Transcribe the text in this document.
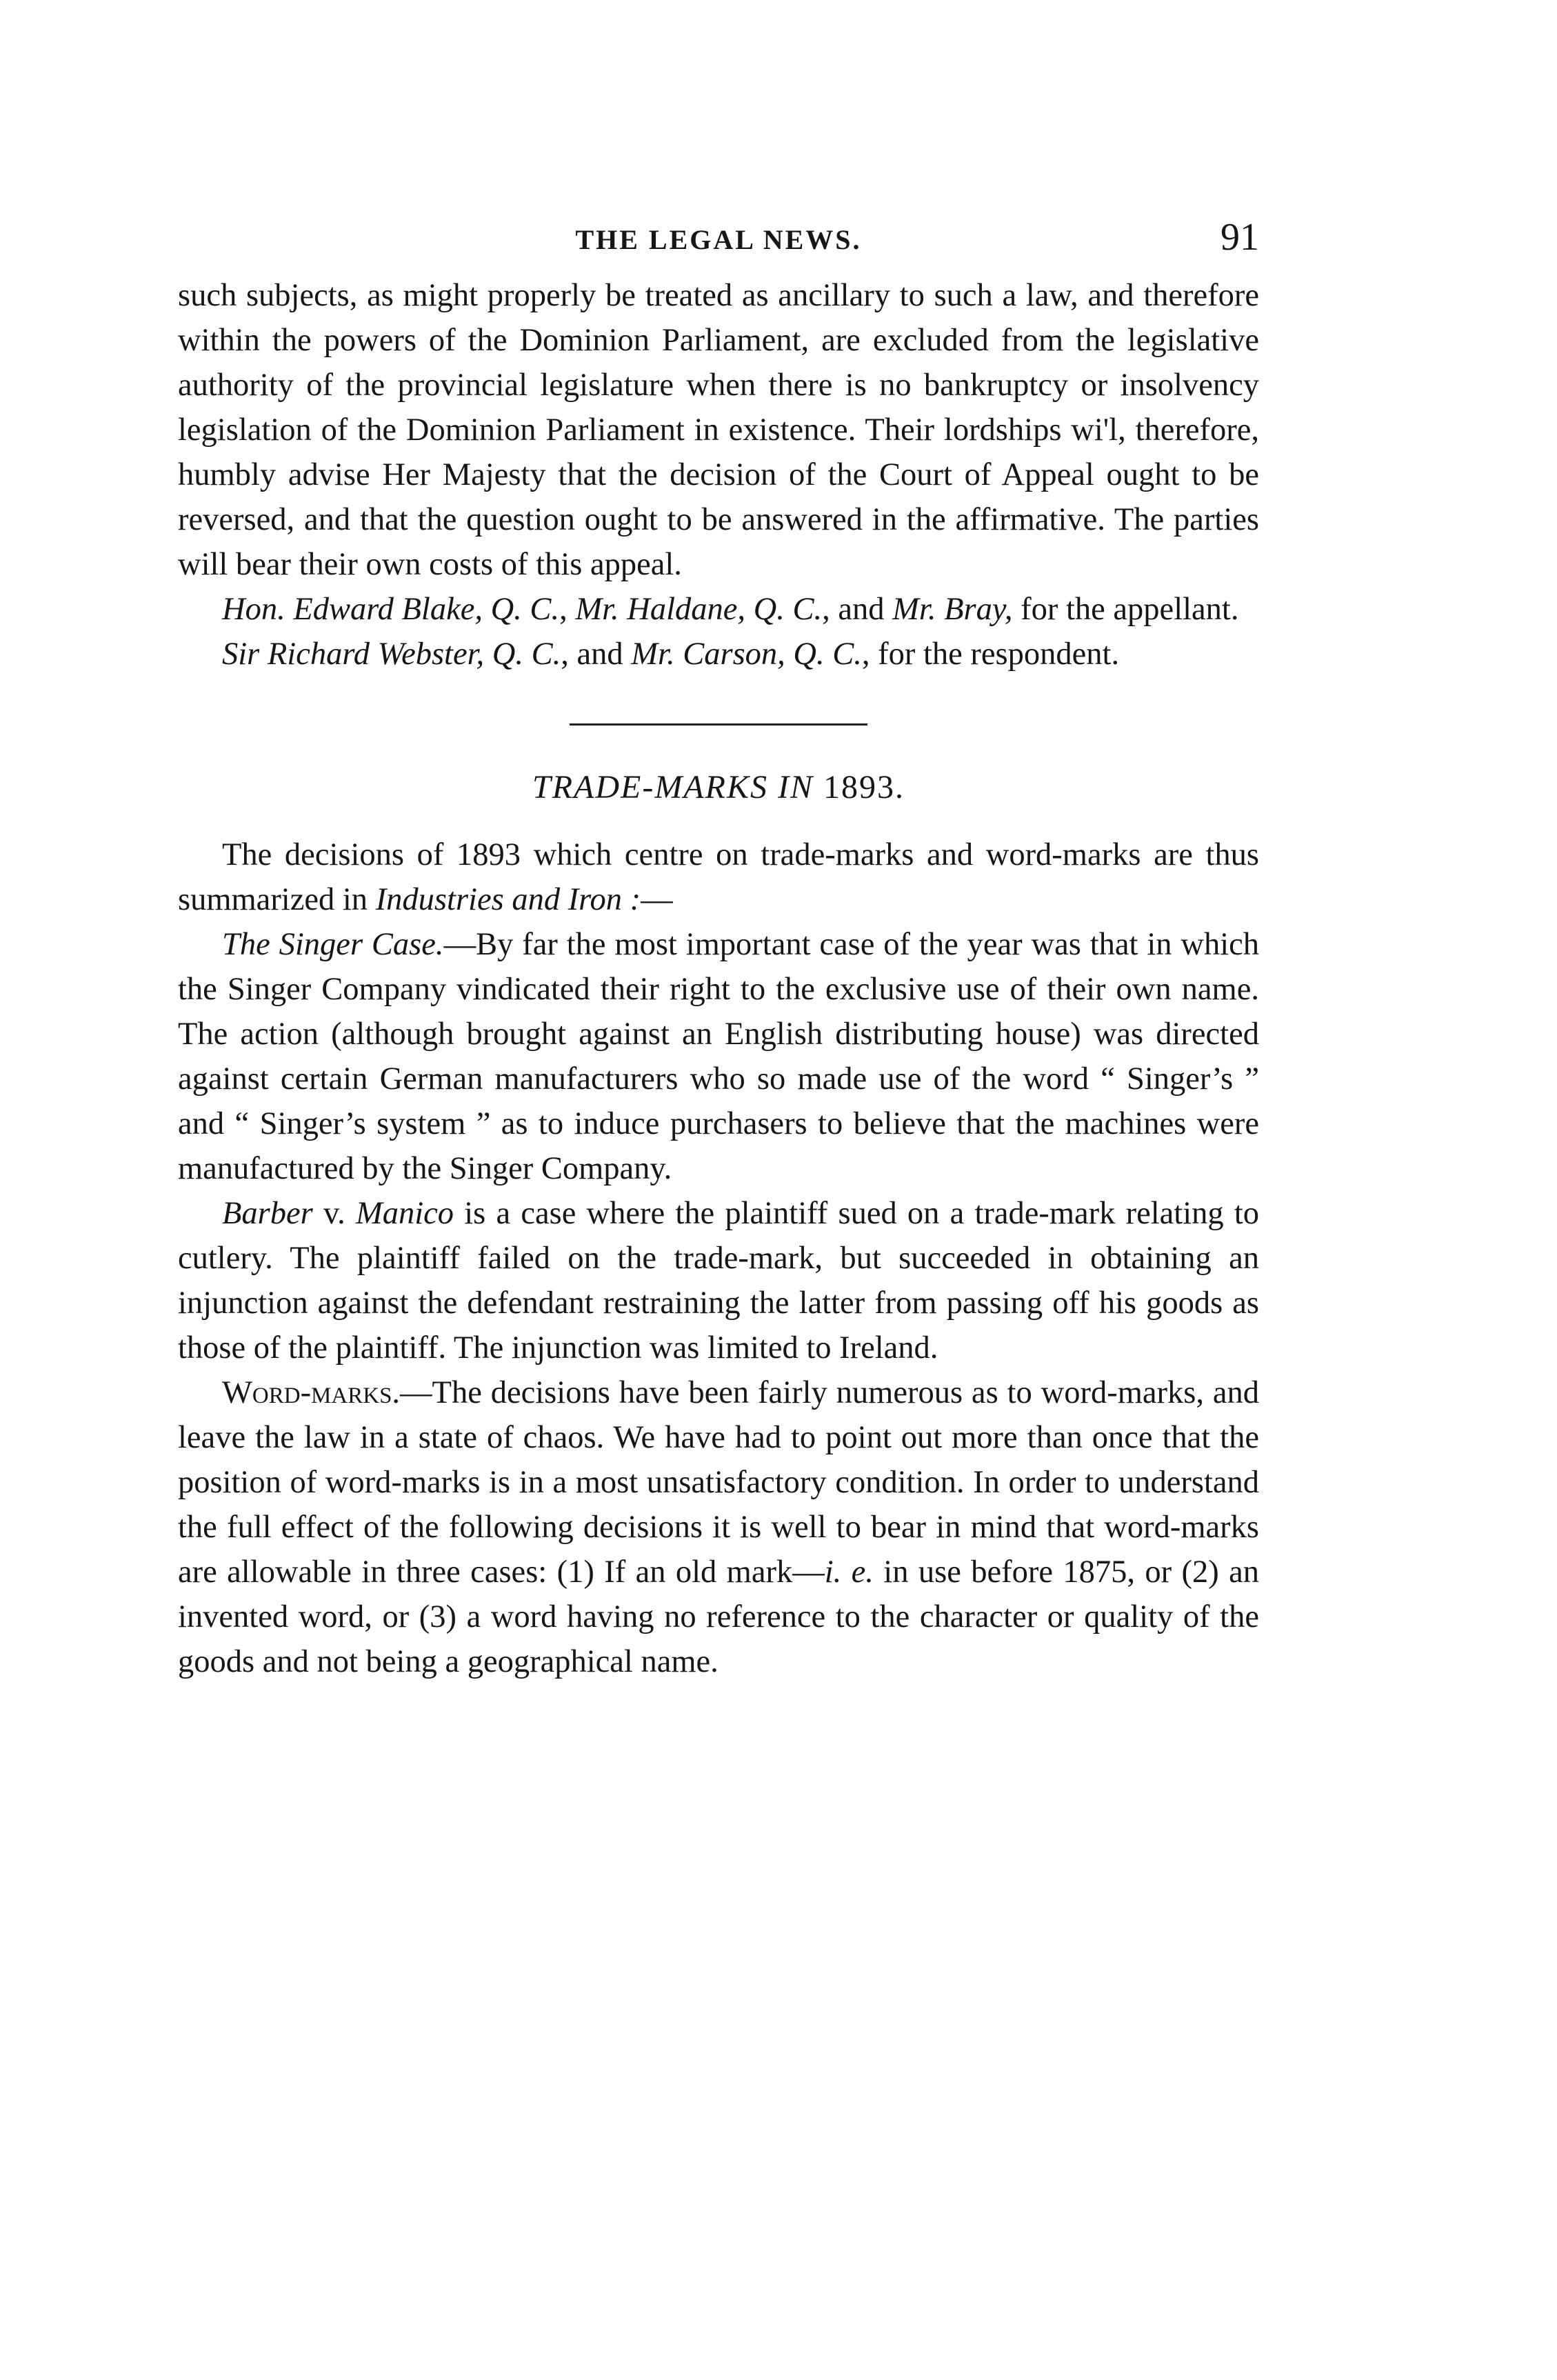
THE LEGAL NEWS.	91

such subjects, as might properly be treated as ancillary to such a law, and therefore within the powers of the Dominion Parliament, are excluded from the legislative authority of the provincial legislature when there is no bankruptcy or insolvency legislation of the Dominion Parliament in existence. Their lordships wi'l, therefore, humbly advise Her Majesty that the decision of the Court of Appeal ought to be reversed, and that the question ought to be answered in the affirmative. The parties will bear their own costs of this appeal.

Hon. Edward Blake, Q. C., Mr. Haldane, Q. C., and Mr. Bray, for the appellant.

Sir Richard Webster, Q. C., and Mr. Carson, Q. C., for the respondent.

TRADE-MARKS IN 1893.

The decisions of 1893 which centre on trade-marks and word-marks are thus summarized in Industries and Iron :—

The Singer Case.—By far the most important case of the year was that in which the Singer Company vindicated their right to the exclusive use of their own name. The action (although brought against an English distributing house) was directed against certain German manufacturers who so made use of the word “ Singer’s ” and “ Singer’s system ” as to induce purchasers to believe that the machines were manufactured by the Singer Company.

Barber v. Manico is a case where the plaintiff sued on a trade-mark relating to cutlery. The plaintiff failed on the trade-mark, but succeeded in obtaining an injunction against the defendant restraining the latter from passing off his goods as those of the plaintiff. The injunction was limited to Ireland.

Word-marks.—The decisions have been fairly numerous as to word-marks, and leave the law in a state of chaos. We have had to point out more than once that the position of word-marks is in a most unsatisfactory condition. In order to understand the full effect of the following decisions it is well to bear in mind that word-marks are allowable in three cases: (1) If an old mark—i. e. in use before 1875, or (2) an invented word, or (3) a word having no reference to the character or quality of the goods and not being a geographical name.
